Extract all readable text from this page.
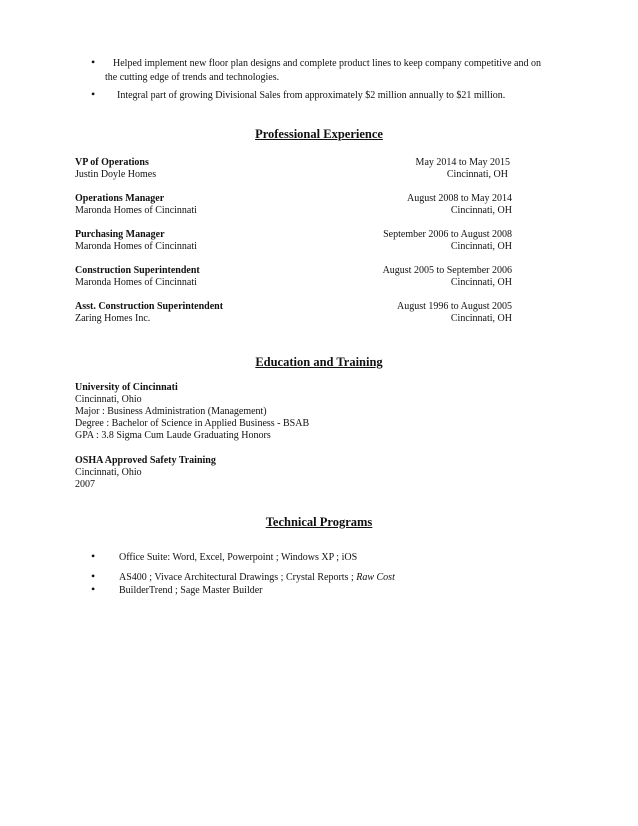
• Helped implement new floor plan designs and complete product lines to keep company competitive and on
the cutting edge of trends and technologies.
• Integral part of growing Divisional Sales from approximately $2 million annually to $21 million.
Professional Experience
VP of Operations	May 2014 to May 2015
Justin Doyle Homes	Cincinnati, OH
Operations Manager	August 2008 to May 2014
Maronda Homes of Cincinnati	Cincinnati, OH
Purchasing Manager	September 2006 to August 2008
Maronda Homes of Cincinnati	Cincinnati, OH
Construction Superintendent	August 2005 to September 2006
Maronda Homes of Cincinnati	Cincinnati, OH
Asst. Construction Superintendent	August 1996 to August 2005
Zaring Homes Inc.	Cincinnati, OH
Education and Training
University of Cincinnati
Cincinnati, Ohio
Major : Business Administration (Management)
Degree : Bachelor of Science in Applied Business - BSAB
GPA : 3.8 Sigma Cum Laude Graduating Honors
OSHA Approved Safety Training
Cincinnati, Ohio
2007
Technical Programs
• Office Suite: Word, Excel, Powerpoint ; Windows XP ; iOS
• AS400 ; Vivace Architectural Drawings ; Crystal Reports ; Raw Cost
• BuilderTrend ; Sage Master Builder
